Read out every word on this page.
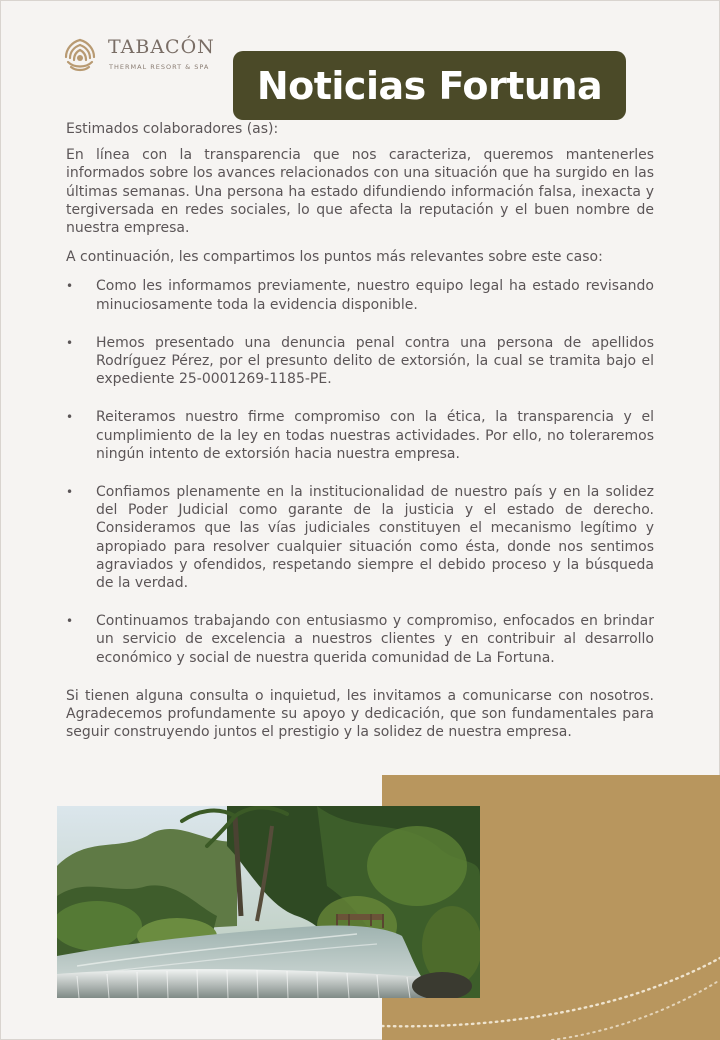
TABACÓN
THERMAL RESORT & SPA Noticias Fortuna

Estimados colaboradores (as):

En línea con la transparencia que nos caracteriza, queremos mantenerles informados sobre los avances relacionados con una situación que ha surgido en las últimas semanas. Una persona ha estado difundiendo información falsa, inexacta y tergiversada en redes sociales, lo que afecta la reputación y el buen nombre de nuestra empresa.

A continuación, les compartimos los puntos más relevantes sobre este caso:

• Como les informamos previamente, nuestro equipo legal ha estado revisando minuciosamente toda la evidencia disponible.
• Hemos presentado una denuncia penal contra una persona de apellidos Rodríguez Pérez, por el presunto delito de extorsión, la cual se tramita bajo el expediente 25-0001269-1185-PE.
• Reiteramos nuestro firme compromiso con la ética, la transparencia y el cumplimiento de la ley en todas nuestras actividades. Por ello, no toleraremos ningún intento de extorsión hacia nuestra empresa.
• Confiamos plenamente en la institucionalidad de nuestro país y en la solidez del Poder Judicial como garante de la justicia y el estado de derecho. Consideramos que las vías judiciales constituyen el mecanismo legítimo y apropiado para resolver cualquier situación como ésta, donde nos sentimos agraviados y ofendidos, respetando siempre el debido proceso y la búsqueda de la verdad.
• Continuamos trabajando con entusiasmo y compromiso, enfocados en brindar un servicio de excelencia a nuestros clientes y en contribuir al desarrollo económico y social de nuestra querida comunidad de La Fortuna.

Si tienen alguna consulta o inquietud, les invitamos a comunicarse con nosotros. Agradecemos profundamente su apoyo y dedicación, que son fundamentales para seguir construyendo juntos el prestigio y la solidez de nuestra empresa.
